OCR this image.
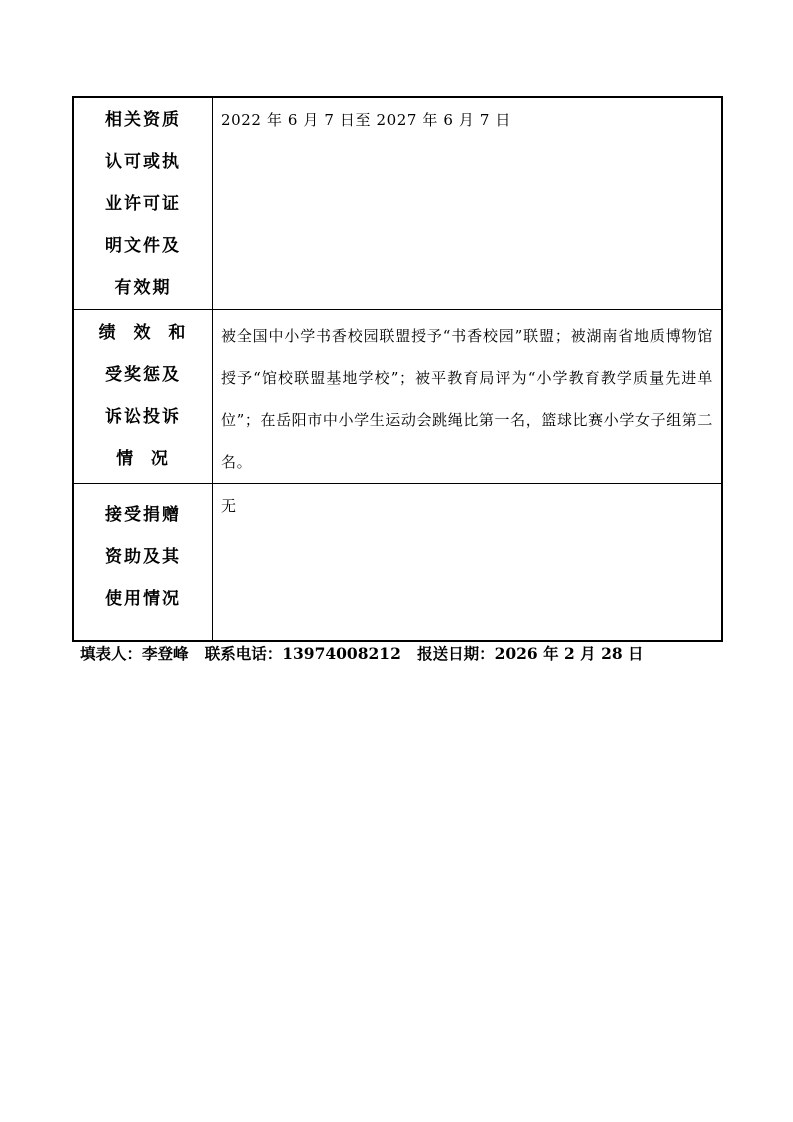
相关资质
认可或执
业许可证
明文件及
有效期	2022 年 6 月 7 日至 2027 年 6 月 7 日

绩  效  和
受奖惩及
诉讼投诉
情  况	被全国中小学书香校园联盟授予“书香校园”联盟；被湖南省地质博物馆授予“馆校联盟基地学校”；被平教育局评为“小学教育教学质量先进单位”；在岳阳市中小学生运动会跳绳比第一名，篮球比赛小学女子组第二名。

接受捐赠
资助及其
使用情况	无
填表人：李登峰 联系电话：13974008212 报送日期：2026 年 2 月 28 日
